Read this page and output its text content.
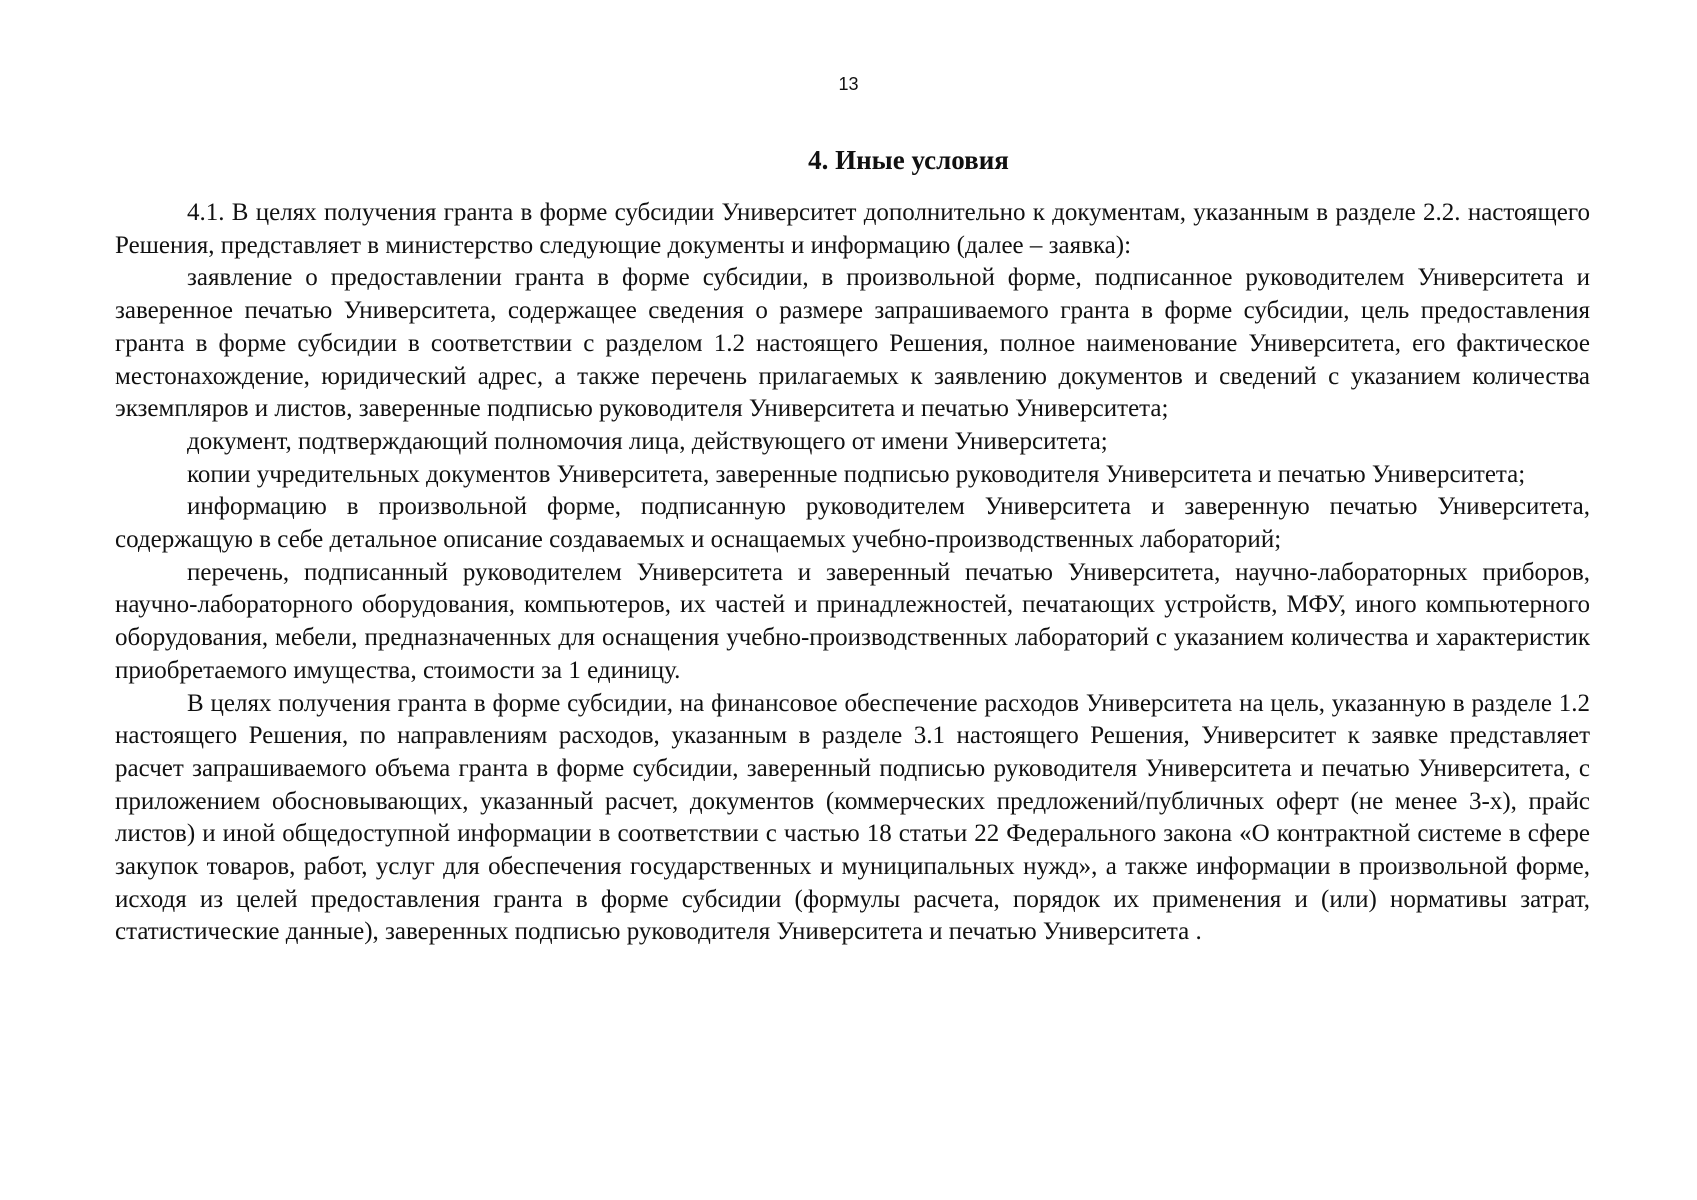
13
4. Иные условия

4.1. В целях получения гранта в форме субсидии Университет дополнительно к документам, указанным в разделе 2.2. настоящего Решения, представляет в министерство следующие документы и информацию (далее – заявка):

заявление о предоставлении гранта в форме субсидии, в произвольной форме, подписанное руководителем Университета и заверенное печатью Университета, содержащее сведения о размере запрашиваемого гранта в форме субсидии, цель предоставления гранта в форме субсидии в соответствии с разделом 1.2 настоящего Решения, полное наименование Университета, его фактическое местонахождение, юридический адрес, а также перечень прилагаемых к заявлению документов и сведений с указанием количества экземпляров и листов, заверенные подписью руководителя Университета и печатью Университета;

документ, подтверждающий полномочия лица, действующего от имени Университета;

копии учредительных документов Университета, заверенные подписью руководителя Университета и печатью Университета;

информацию в произвольной форме, подписанную руководителем Университета и заверенную печатью Университета, содержащую в себе детальное описание создаваемых и оснащаемых учебно-производственных лабораторий;

перечень, подписанный руководителем Университета и заверенный печатью Университета, научно-лабораторных приборов, научно-лабораторного оборудования, компьютеров, их частей и принадлежностей, печатающих устройств, МФУ, иного компьютерного оборудования, мебели, предназначенных для оснащения учебно-производственных лабораторий с указанием количества и характеристик приобретаемого имущества, стоимости за 1 единицу.

В целях получения гранта в форме субсидии, на финансовое обеспечение расходов Университета на цель, указанную в разделе 1.2 настоящего Решения, по направлениям расходов, указанным в разделе 3.1 настоящего Решения, Университет к заявке представляет расчет запрашиваемого объема гранта в форме субсидии, заверенный подписью руководителя Университета и печатью Университета, с приложением обосновывающих, указанный расчет, документов (коммерческих предложений/публичных оферт (не менее 3-х), прайс листов) и иной общедоступной информации в соответствии с частью 18 статьи 22 Федерального закона «О контрактной системе в сфере закупок товаров, работ, услуг для обеспечения государственных и муниципальных нужд», а также информации в произвольной форме, исходя из целей предоставления гранта в форме субсидии (формулы расчета, порядок их применения и (или) нормативы затрат, статистические данные), заверенных подписью руководителя Университета и печатью Университета .
